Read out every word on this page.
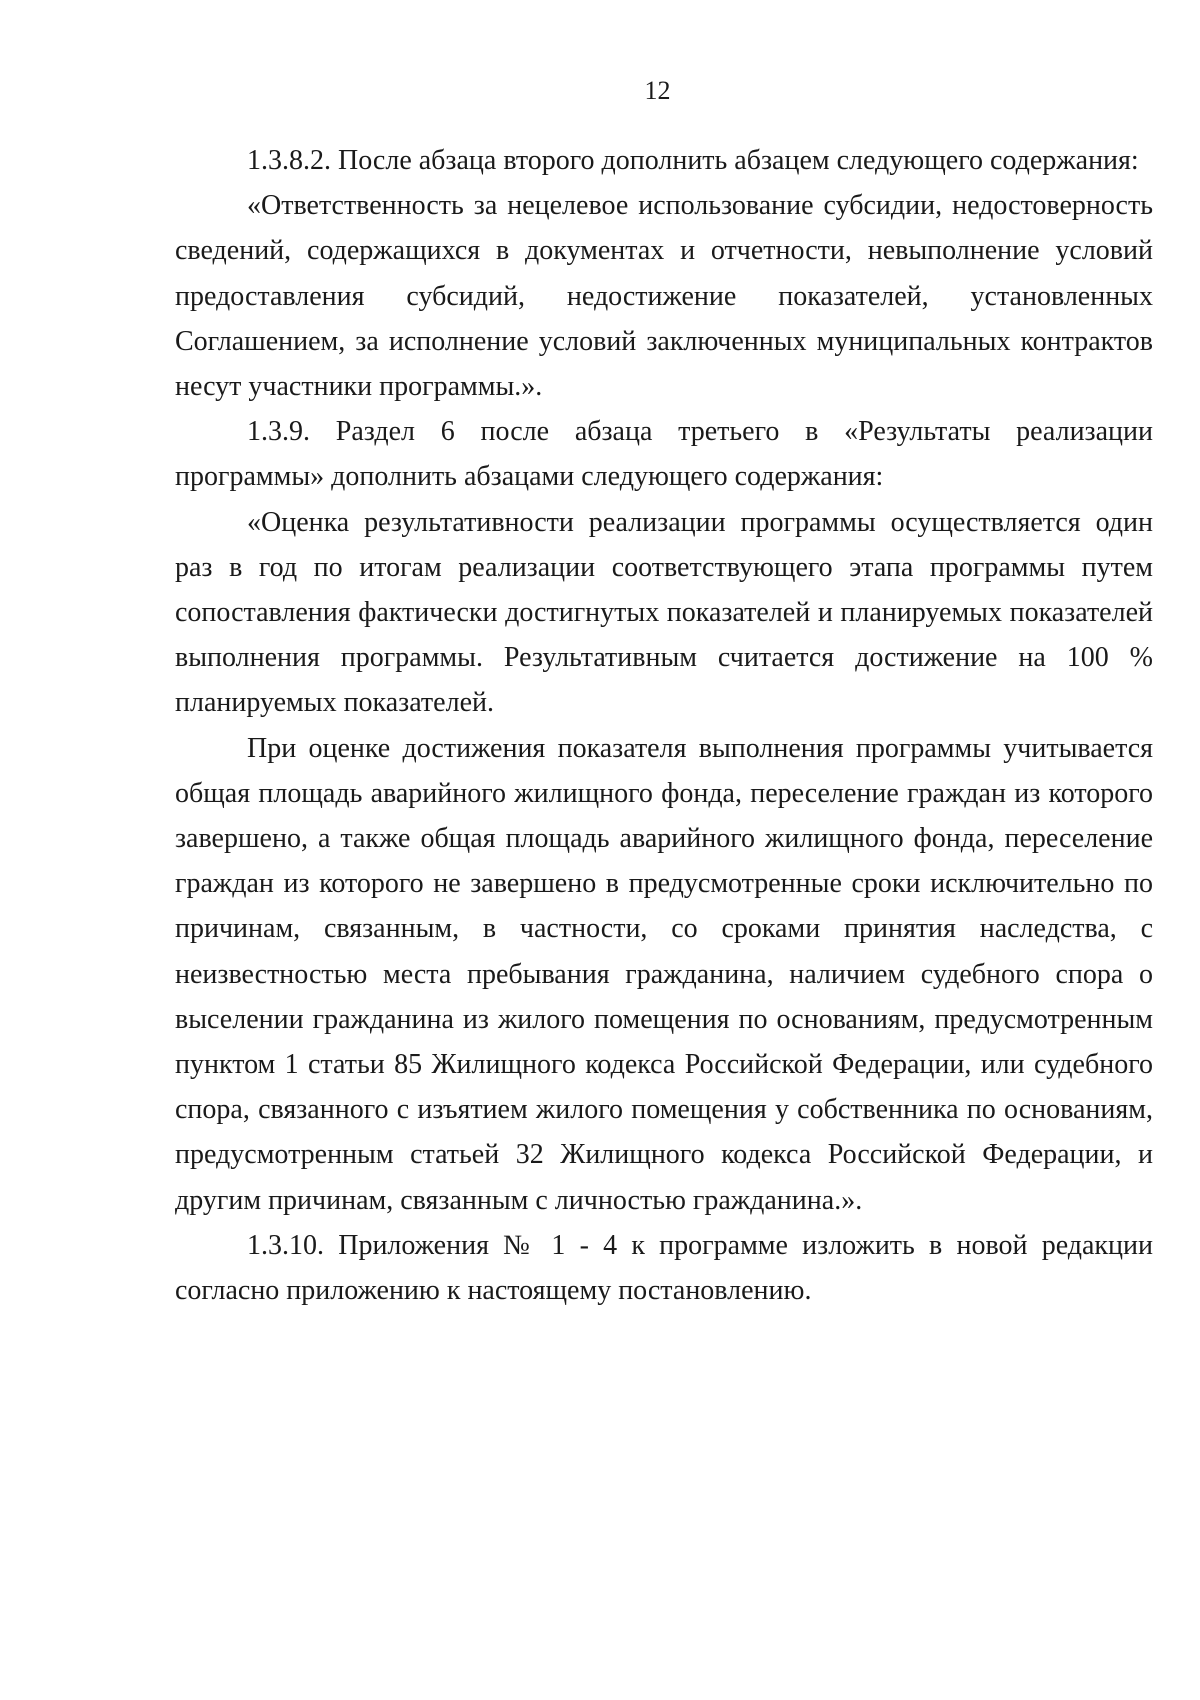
12

1.3.8.2. После абзаца второго дополнить абзацем следующего содержания:

«Ответственность за нецелевое использование субсидии, недостоверность сведений, содержащихся в документах и отчетности, невыполнение условий предоставления субсидий, недостижение показателей, установленных Соглашением, за исполнение условий заключенных муниципальных контрактов несут участники программы.».

1.3.9. Раздел 6 после абзаца третьего в «Результаты реализации программы» дополнить абзацами следующего содержания:

«Оценка результативности реализации программы осуществляется один раз в год по итогам реализации соответствующего этапа программы путем сопоставления фактически достигнутых показателей и планируемых показателей выполнения программы. Результативным считается достижение на 100 % планируемых показателей.

При оценке достижения показателя выполнения программы учитывается общая площадь аварийного жилищного фонда, переселение граждан из которого завершено, а также общая площадь аварийного жилищного фонда, переселение граждан из которого не завершено в предусмотренные сроки исключительно по причинам, связанным, в частности, со сроками принятия наследства, с неизвестностью места пребывания гражданина, наличием судебного спора о выселении гражданина из жилого помещения по основаниям, предусмотренным пунктом 1 статьи 85 Жилищного кодекса Российской Федерации, или судебного спора, связанного с изъятием жилого помещения у собственника по основаниям, предусмотренным статьей 32 Жилищного кодекса Российской Федерации, и другим причинам, связанным с личностью гражданина.».

1.3.10. Приложения № 1 - 4 к программе изложить в новой редакции согласно приложению к настоящему постановлению.
